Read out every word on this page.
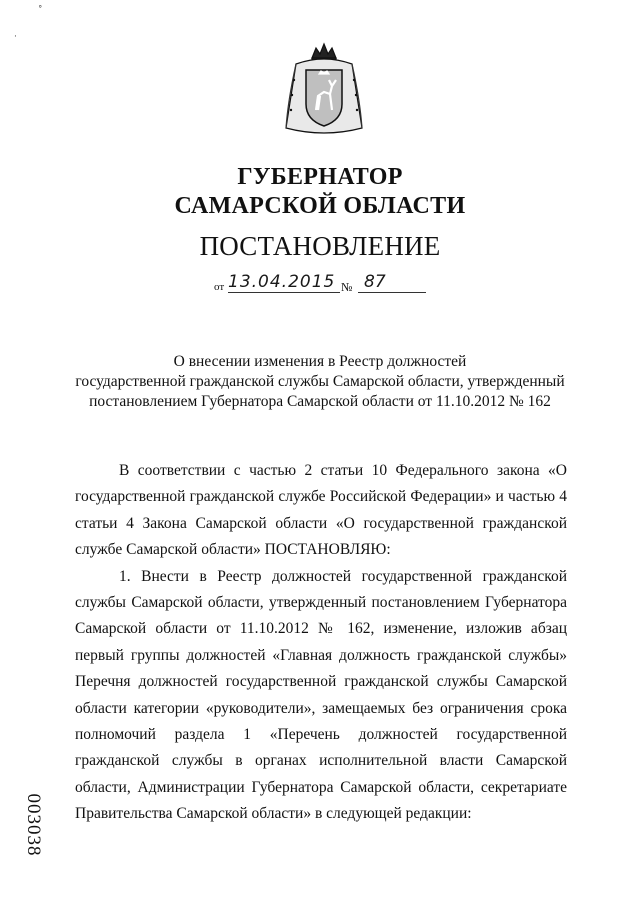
ГУБЕРНАТОР
САМАРСКОЙ ОБЛАСТИ
ПОСТАНОВЛЕНИЕ
от 13.04.2015 № 87
О внесении изменения в Реестр должностей
государственной гражданской службы Самарской области, утвержденный
постановлением Губернатора Самарской области от 11.10.2012 № 162

В соответствии с частью 2 статьи 10 Федерального закона «О государственной гражданской службе Российской Федерации» и частью 4 статьи 4 Закона Самарской области «О государственной гражданской службе Самарской области» ПОСТАНОВЛЯЮ:

1. Внести в Реестр должностей государственной гражданской службы Самарской области, утвержденный постановлением Губернатора Самарской области от 11.10.2012 № 162, изменение, изложив абзац первый группы должностей «Главная должность гражданской службы» Перечня должностей государственной гражданской службы Самарской области категории «руководители», замещаемых без ограничения срока полномочий раздела 1 «Перечень должностей государственной гражданской службы в органах исполнительной власти Самарской области, Администрации Губернатора Самарской области, секретариате Правительства Самарской области» в следующей редакции:

003038
˚
·
